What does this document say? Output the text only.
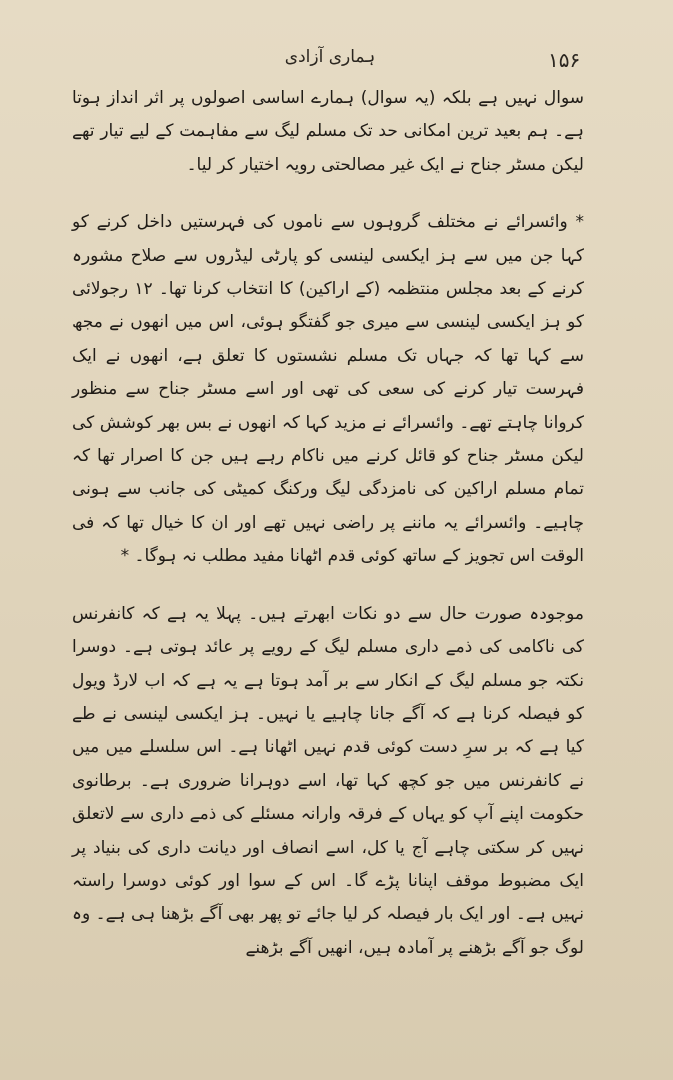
۱۵۶
ہماری آزادی

سوال نہیں ہے بلکہ (یہ سوال) ہمارے اساسی اصولوں پر اثر انداز ہوتا ہے۔ ہم بعید ترین امکانی حد تک مسلم لیگ سے مفاہمت کے لیے تیار تھے لیکن مسٹر جناح نے ایک غیر مصالحتی رویہ اختیار کر لیا۔

* وائسرائے نے مختلف گروہوں سے ناموں کی فہرستیں داخل کرنے کو کہا جن میں سے ہز ایکسی لینسی کو پارٹی لیڈروں سے صلاح مشورہ کرنے کے بعد مجلس منتظمہ (کے اراکین) کا انتخاب کرنا تھا۔ ۱۲ رجولائی کو ہز ایکسی لینسی سے میری جو گفتگو ہوئی، اس میں انھوں نے مجھ سے کہا تھا کہ جہاں تک مسلم نشستوں کا تعلق ہے، انھوں نے ایک فہرست تیار کرنے کی سعی کی تھی اور اسے مسٹر جناح سے منظور کروانا چاہتے تھے۔ وائسرائے نے مزید کہا کہ انھوں نے بس بھر کوشش کی لیکن مسٹر جناح کو قائل کرنے میں ناکام رہے ہیں جن کا اصرار تھا کہ تمام مسلم اراکین کی نامزدگی لیگ ورکنگ کمیٹی کی جانب سے ہونی چاہیے۔ وائسرائے یہ ماننے پر راضی نہیں تھے اور ان کا خیال تھا کہ فی الوقت اس تجویز کے ساتھ کوئی قدم اٹھانا مفید مطلب نہ ہوگا۔ *

موجودہ صورت حال سے دو نکات ابھرتے ہیں۔ پہلا یہ ہے کہ کانفرنس کی ناکامی کی ذمے داری مسلم لیگ کے رویے پر عائد ہوتی ہے۔ دوسرا نکتہ جو مسلم لیگ کے انکار سے بر آمد ہوتا ہے یہ ہے کہ اب لارڈ ویول کو فیصلہ کرنا ہے کہ آگے جانا چاہیے یا نہیں۔ ہز ایکسی لینسی نے طے کیا ہے کہ بر سرِ دست کوئی قدم نہیں اٹھانا ہے۔ اس سلسلے میں میں نے کانفرنس میں جو کچھ کہا تھا، اسے دوہرانا ضروری ہے۔ برطانوی حکومت اپنے آپ کو یہاں کے فرقہ وارانہ مسئلے کی ذمے داری سے لاتعلق نہیں کر سکتی چاہے آج یا کل، اسے انصاف اور دیانت داری کی بنیاد پر ایک مضبوط موقف اپنانا پڑے گا۔ اس کے سوا اور کوئی دوسرا راستہ نہیں ہے۔ اور ایک بار فیصلہ کر لیا جائے تو پھر بھی آگے بڑھنا ہی ہے۔ وہ لوگ جو آگے بڑھنے پر آمادہ ہیں، انھیں آگے بڑھنے
